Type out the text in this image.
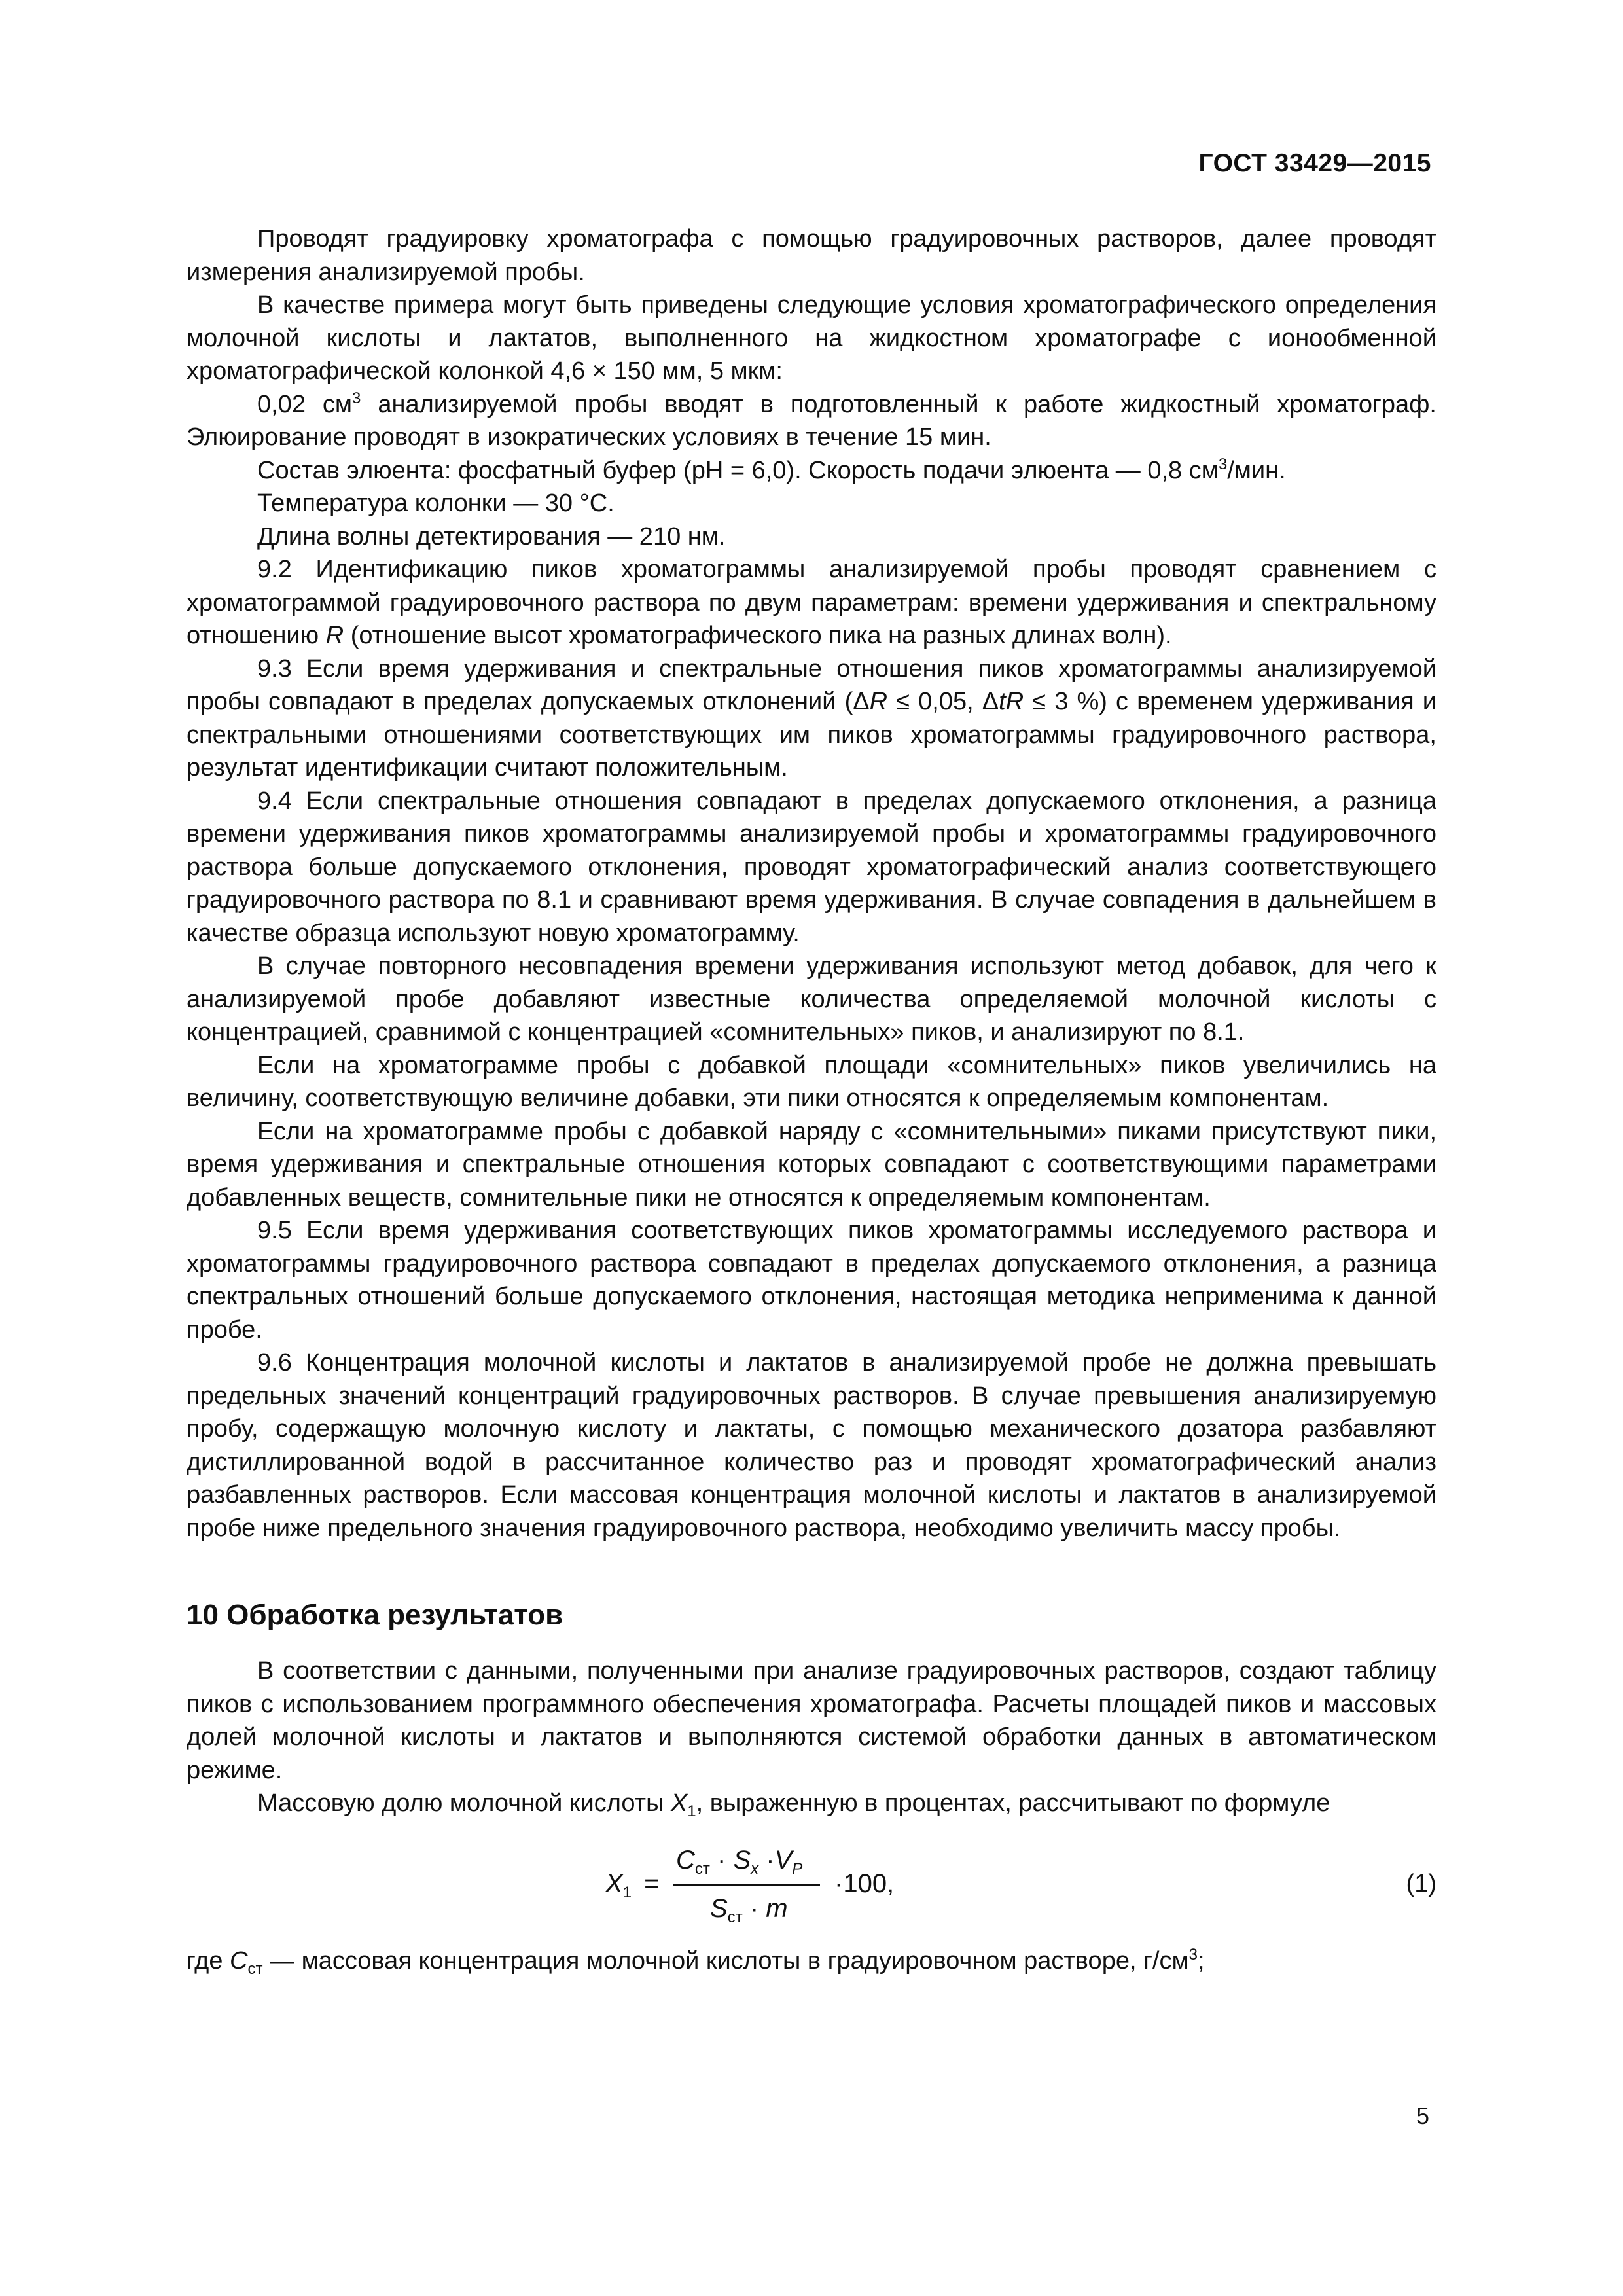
ГОСТ 33429—2015

Проводят градуировку хроматографа с помощью градуировочных растворов, далее проводят измерения анализируемой пробы.

В качестве примера могут быть приведены следующие условия хроматографического определения молочной кислоты и лактатов, выполненного на жидкостном хроматографе с ионообменной хроматографической колонкой 4,6 × 150 мм, 5 мкм:

0,02 $см^3$ анализируемой пробы вводят в подготовленный к работе жидкостный хроматограф. Элюирование проводят в изократических условиях в течение 15 мин.

Состав элюента: фосфатный буфер (рН = 6,0). Скорость подачи элюента — 0,8 $см^3$/мин.

Температура колонки — 30 °С.

Длина волны детектирования — 210 нм.

9.2 Идентификацию пиков хроматограммы анализируемой пробы проводят сравнением с хроматограммой градуировочного раствора по двум параметрам: времени удерживания и спектральному отношению R (отношение высот хроматографического пика на разных длинах волн).

9.3 Если время удерживания и спектральные отношения пиков хроматограммы анализируемой пробы совпадают в пределах допускаемых отклонений (ΔR ≤ 0,05, ΔtR ≤ 3 %) с временем удерживания и спектральными отношениями соответствующих им пиков хроматограммы градуировочного раствора, результат идентификации считают положительным.

9.4 Если спектральные отношения совпадают в пределах допускаемого отклонения, а разница времени удерживания пиков хроматограммы анализируемой пробы и хроматограммы градуировочного раствора больше допускаемого отклонения, проводят хроматографический анализ соответствующего градуировочного раствора по 8.1 и сравнивают время удерживания. В случае совпадения в дальнейшем в качестве образца используют новую хроматограмму.

В случае повторного несовпадения времени удерживания используют метод добавок, для чего к анализируемой пробе добавляют известные количества определяемой молочной кислоты с концентрацией, сравнимой с концентрацией «сомнительных» пиков, и анализируют по 8.1.

Если на хроматограмме пробы с добавкой площади «сомнительных» пиков увеличились на величину, соответствующую величине добавки, эти пики относятся к определяемым компонентам.

Если на хроматограмме пробы с добавкой наряду с «сомнительными» пиками присутствуют пики, время удерживания и спектральные отношения которых совпадают с соответствующими параметрами добавленных веществ, сомнительные пики не относятся к определяемым компонентам.

9.5 Если время удерживания соответствующих пиков хроматограммы исследуемого раствора и хроматограммы градуировочного раствора совпадают в пределах допускаемого отклонения, а разница спектральных отношений больше допускаемого отклонения, настоящая методика неприменима к данной пробе.

9.6 Концентрация молочной кислоты и лактатов в анализируемой пробе не должна превышать предельных значений концентраций градуировочных растворов. В случае превышения анализируемую пробу, содержащую молочную кислоту и лактаты, с помощью механического дозатора разбавляют дистиллированной водой в рассчитанное количество раз и проводят хроматографический анализ разбавленных растворов. Если массовая концентрация молочной кислоты и лактатов в анализируемой пробе ниже предельного значения градуировочного раствора, необходимо увеличить массу пробы.

10 Обработка результатов

В соответствии с данными, полученными при анализе градуировочных растворов, создают таблицу пиков с использованием программного обеспечения хроматографа. Расчеты площадей пиков и массовых долей молочной кислоты и лактатов и выполняются системой обработки данных в автоматическом режиме.

Массовую долю молочной кислоты $X_1$, выраженную в процентах, рассчитывают по формуле

$X_1$ =
$C_{ст} \cdot S_x \cdot V_P$
$S_{ст} \cdot m$
·100,	(1)

где $C_{ст}$ — массовая концентрация молочной кислоты в градуировочном растворе, $г/см^3$;

5
